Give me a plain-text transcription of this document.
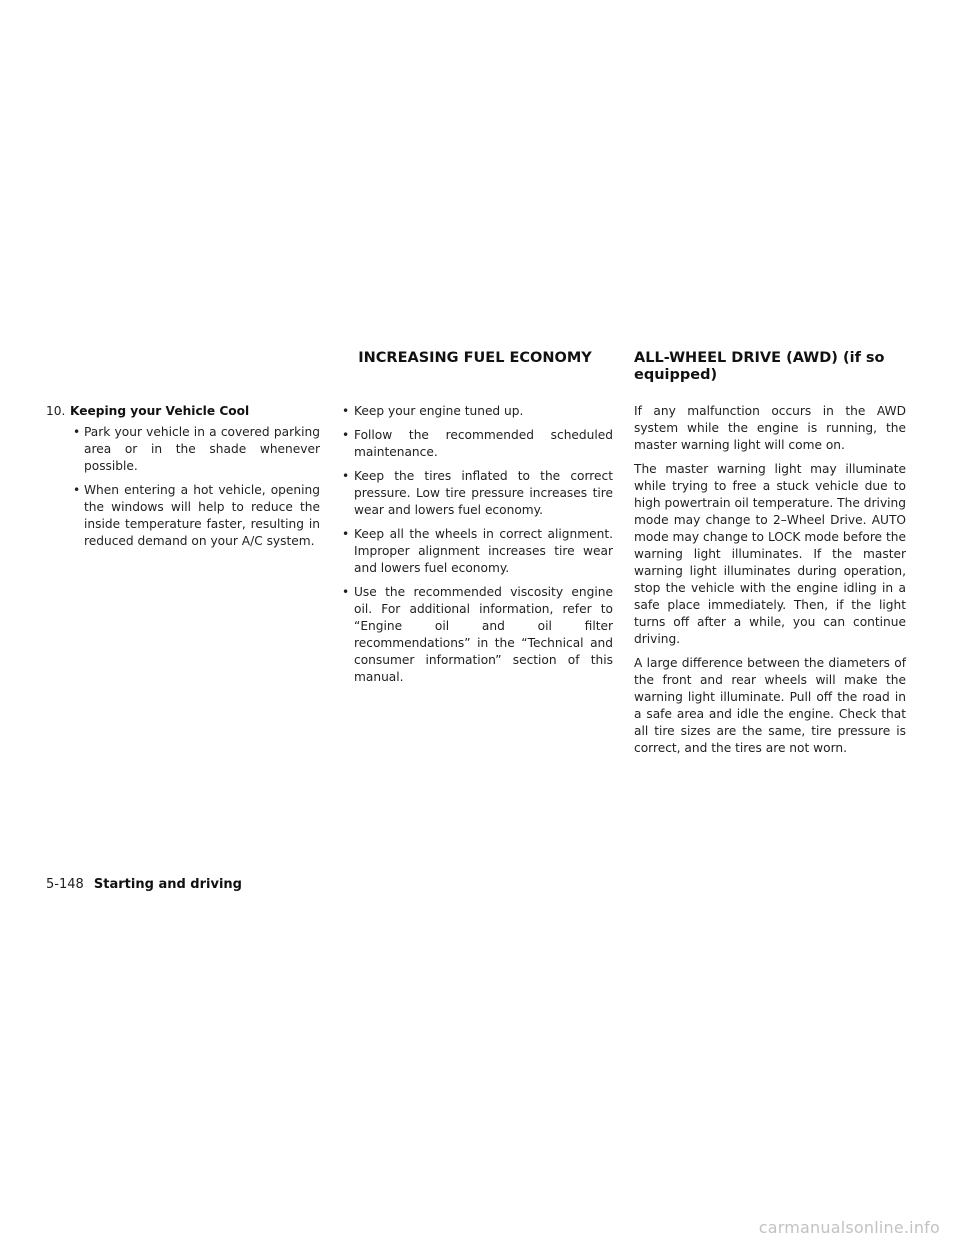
INCREASING FUEL ECONOMY	ALL-WHEEL DRIVE (AWD) (if so equipped)
10. Keeping your Vehicle Cool
• Park your vehicle in a covered parking area or in the shade whenever possible.
• When entering a hot vehicle, opening the windows will help to reduce the inside temperature faster, resulting in reduced demand on your A/C system.
• Keep your engine tuned up.
• Follow the recommended scheduled maintenance.
• Keep the tires inflated to the correct pressure. Low tire pressure increases tire wear and lowers fuel economy.
• Keep all the wheels in correct alignment. Improper alignment increases tire wear and lowers fuel economy.
• Use the recommended viscosity engine oil. For additional information, refer to “Engine oil and oil filter recommendations” in the “Technical and consumer information” section of this manual.

If any malfunction occurs in the AWD system while the engine is running, the master warning light will come on.

The master warning light may illuminate while trying to free a stuck vehicle due to high powertrain oil temperature. The driving mode may change to 2–Wheel Drive. AUTO mode may change to LOCK mode before the warning light illuminates. If the master warning light illuminates during operation, stop the vehicle with the engine idling in a safe place immediately. Then, if the light turns off after a while, you can continue driving.

A large difference between the diameters of the front and rear wheels will make the warning light illuminate. Pull off the road in a safe area and idle the engine. Check that all tire sizes are the same, tire pressure is correct, and the tires are not worn.

5-148 Starting and driving
carmanualsonline.info
